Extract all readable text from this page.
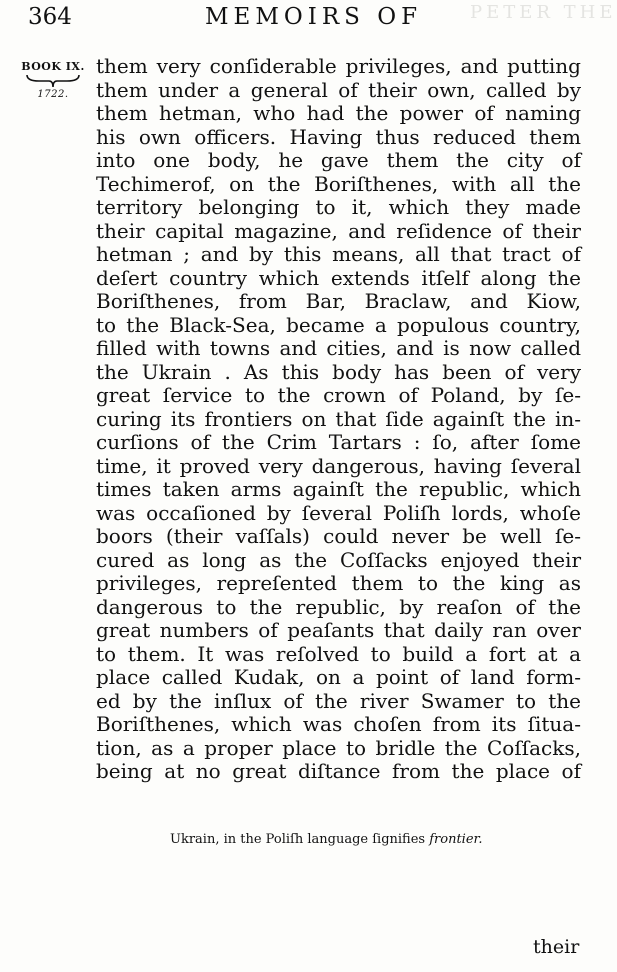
364	MEMOIRS OF	PETER THE
BOOK IX.
1722.
them very conſiderable privileges, and putting
them under a general of their own, called by
them hetman, who had the power of naming
his own officers. Having thus reduced them
into one body, he gave them the city of
Techimerof, on the Boriſthenes, with all the
territory belonging to it, which they made
their capital magazine, and reſidence of their
hetman ; and by this means, all that tract of
deſert country which extends itſelf along the
Boriſthenes, from Bar, Braclaw, and Kiow,
to the Black-Sea, became a populous country,
filled with towns and cities, and is now called
the Ukrain . As this body has been of very
great ſervice to the crown of Poland, by ſe-
curing its frontiers on that ſide againſt the in-
curſions of the Crim Tartars : ſo, after ſome
time, it proved very dangerous, having ſeveral
times taken arms againſt the republic, which
was occaſioned by ſeveral Poliſh lords, whoſe
boors (their vaſſals) could never be well ſe-
cured as long as the Coſſacks enjoyed their
privileges, repreſented them to the king as
dangerous to the republic, by reaſon of the
great numbers of peaſants that daily ran over
to them. It was reſolved to build a fort at a
place called Kudak, on a point of land form-
ed by the inſlux of the river Swamer to the
Boriſthenes, which was choſen from its ſitua-
tion, as a proper place to bridle the Coſſacks,
being at no great diſtance from the place of
Ukrain, in the Poliſh language ſignifies frontier.
their
